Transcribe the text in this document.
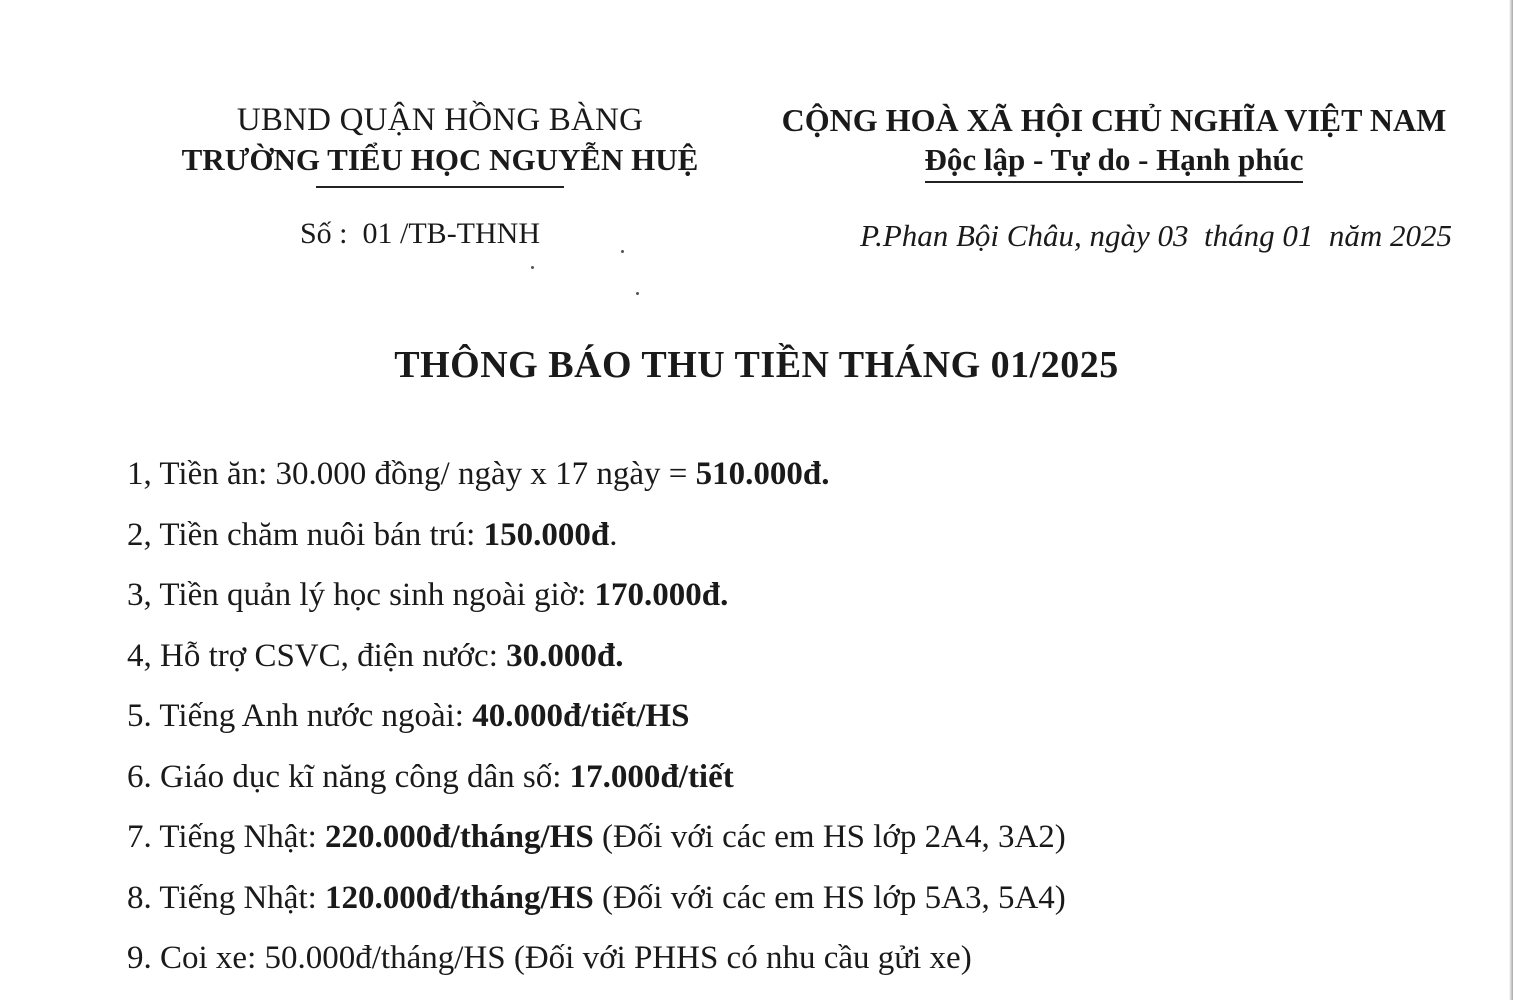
UBND QUẬN HỒNG BÀNG
TRƯỜNG TIỂU HỌC NGUYỄN HUỆ
CỘNG HOÀ XÃ HỘI CHỦ NGHĨA VIỆT NAM
Độc lập - Tự do - Hạnh phúc
Số :  01 /TB-THNH	P.Phan Bội Châu, ngày 03  tháng 01  năm 2025
THÔNG BÁO THU TIỀN THÁNG 01/2025
1, Tiền ăn: 30.000 đồng/ ngày x 17 ngày = 510.000đ.
2, Tiền chăm nuôi bán trú: 150.000đ.
3, Tiền quản lý học sinh ngoài giờ: 170.000đ.
4, Hỗ trợ CSVC, điện nước: 30.000đ.
5. Tiếng Anh nước ngoài: 40.000đ/tiết/HS
6. Giáo dục kĩ năng công dân số: 17.000đ/tiết
7. Tiếng Nhật: 220.000đ/tháng/HS (Đối với các em HS lớp 2A4, 3A2)
8. Tiếng Nhật: 120.000đ/tháng/HS (Đối với các em HS lớp 5A3, 5A4)
9. Coi xe: 50.000đ/tháng/HS (Đối với PHHS có nhu cầu gửi xe)
